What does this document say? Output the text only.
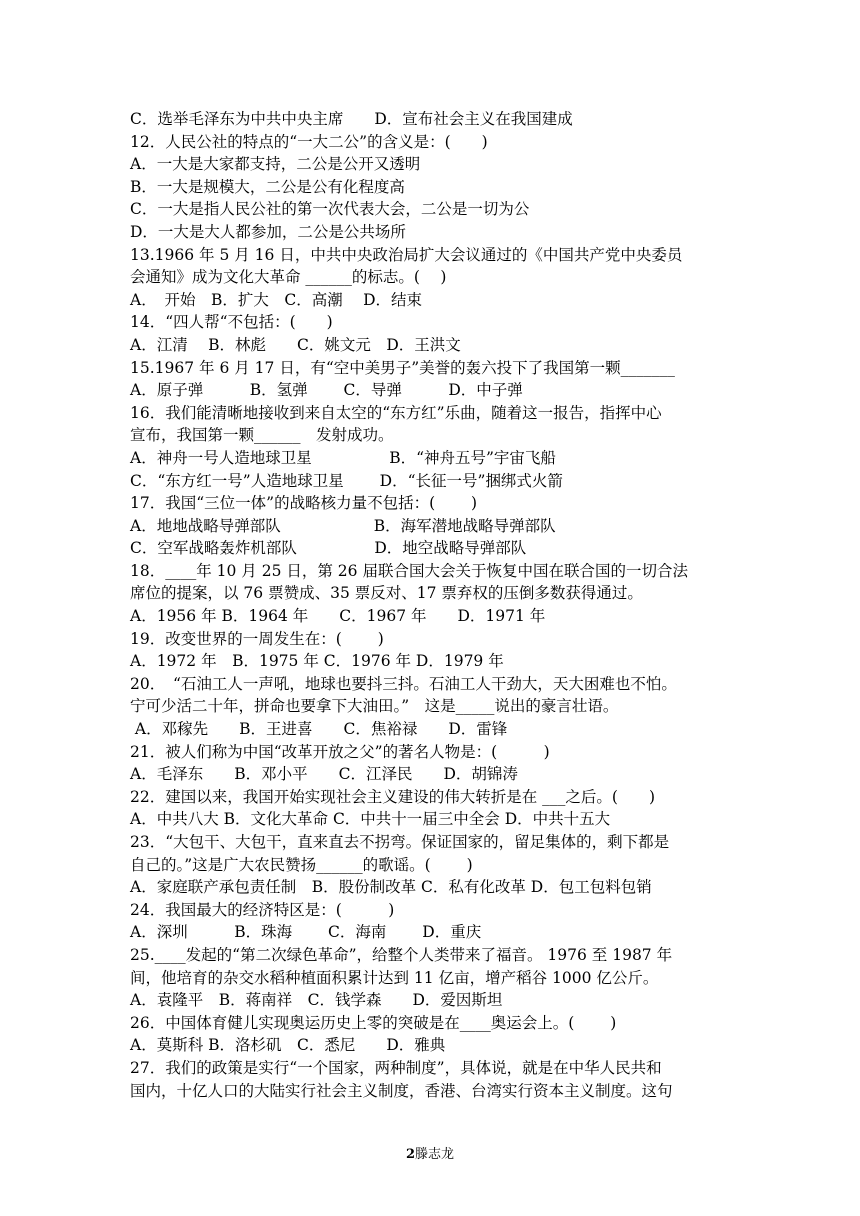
C．选举毛泽东为中共中央主席　　D．宣布社会主义在我国建成
12．人民公社的特点的“一大二公”的含义是：(　　)
A．一大是大家都支持，二公是公开又透明
B．一大是规模大，二公是公有化程度高
C．一大是指人民公社的第一次代表大会，二公是一切为公
D．一大是大人都参加，二公是公共场所
13.1966 年 5 月 16 日，中共中央政治局扩大会议通过的《中国共产党中央委员
会通知》成为文化大革命 ______的标志。(　 )
A．　开始　B．扩大　C．高潮　 D．结束
14．“四人帮“不包括：(　　)
A．江清　 B．林彪　　C．姚文元　D．王洪文
15.1967 年 6 月 17 日，有“空中美男子”美誉的轰六投下了我国第一颗_______
A．原子弹　　　B．氢弹　　 C．导弹　　　D．中子弹
16．我们能清晰地接收到来自太空的“东方红”乐曲，随着这一报告，指挥中心
宣布，我国第一颗______　发射成功。
A．神舟一号人造地球卫星　　　　　B．“神舟五号”宇宙飞船
C．“东方红一号”人造地球卫星　　 D．“长征一号”捆绑式火箭
17．我国“三位一体”的战略核力量不包括：(　　 )
A．地地战略导弹部队　　　　　　B．海军潜地战略导弹部队
C．空军战略轰炸机部队　　　　　D．地空战略导弹部队
18．____年 10 月 25 日，第 26 届联合国大会关于恢复中国在联合国的一切合法
席位的提案，以 76 票赞成、35 票反对、17 票弃权的压倒多数获得通过。
A．1956 年 B．1964 年　　C．1967 年　　D．1971 年
19．改变世界的一周发生在：(　　 )
A．1972 年　B．1975 年 C．1976 年 D．1979 年
20．　“石油工人一声吼，地球也要抖三抖。石油工人干劲大，天大困难也不怕。
宁可少活二十年，拼命也要拿下大油田。”　这是_____说出的豪言壮语。
A．邓稼先　　B．王进喜　　C．焦裕禄　　D．雷锋
21．被人们称为中国“改革开放之父”的著名人物是：(　　　)
A．毛泽东　　B．邓小平　　C．江泽民　　D．胡锦涛
22．建国以来，我国开始实现社会主义建设的伟大转折是在 ___之后。(　　)
A．中共八大 B．文化大革命 C．中共十一届三中全会 D．中共十五大
23．“大包干、大包干，直来直去不拐弯。保证国家的，留足集体的，剩下都是
自己的。”这是广大农民赞扬______的歌谣。(　　 )
A．家庭联产承包责任制　B．股份制改革 C．私有化改革 D．包工包料包销
24．我国最大的经济特区是：(　　　)
A．深圳　　　B．珠海　　 C．海南　　 D．重庆
25.____发起的“第二次绿色革命”，给整个人类带来了福音。 1976 至 1987 年
间，他培育的杂交水稻种植面积累计达到 11 亿亩，增产稻谷 1000 亿公斤。
A．袁隆平　B．蒋南祥　C．钱学森　　D．爱因斯坦
26．中国体育健儿实现奥运历史上零的突破是在____奥运会上。(　　 )
A．莫斯科 B．洛杉矶　C．悉尼　　D．雅典
27．我们的政策是实行“一个国家，两种制度”，具体说，就是在中华人民共和
国内，十亿人口的大陆实行社会主义制度，香港、台湾实行资本主义制度。这句
2滕志龙
